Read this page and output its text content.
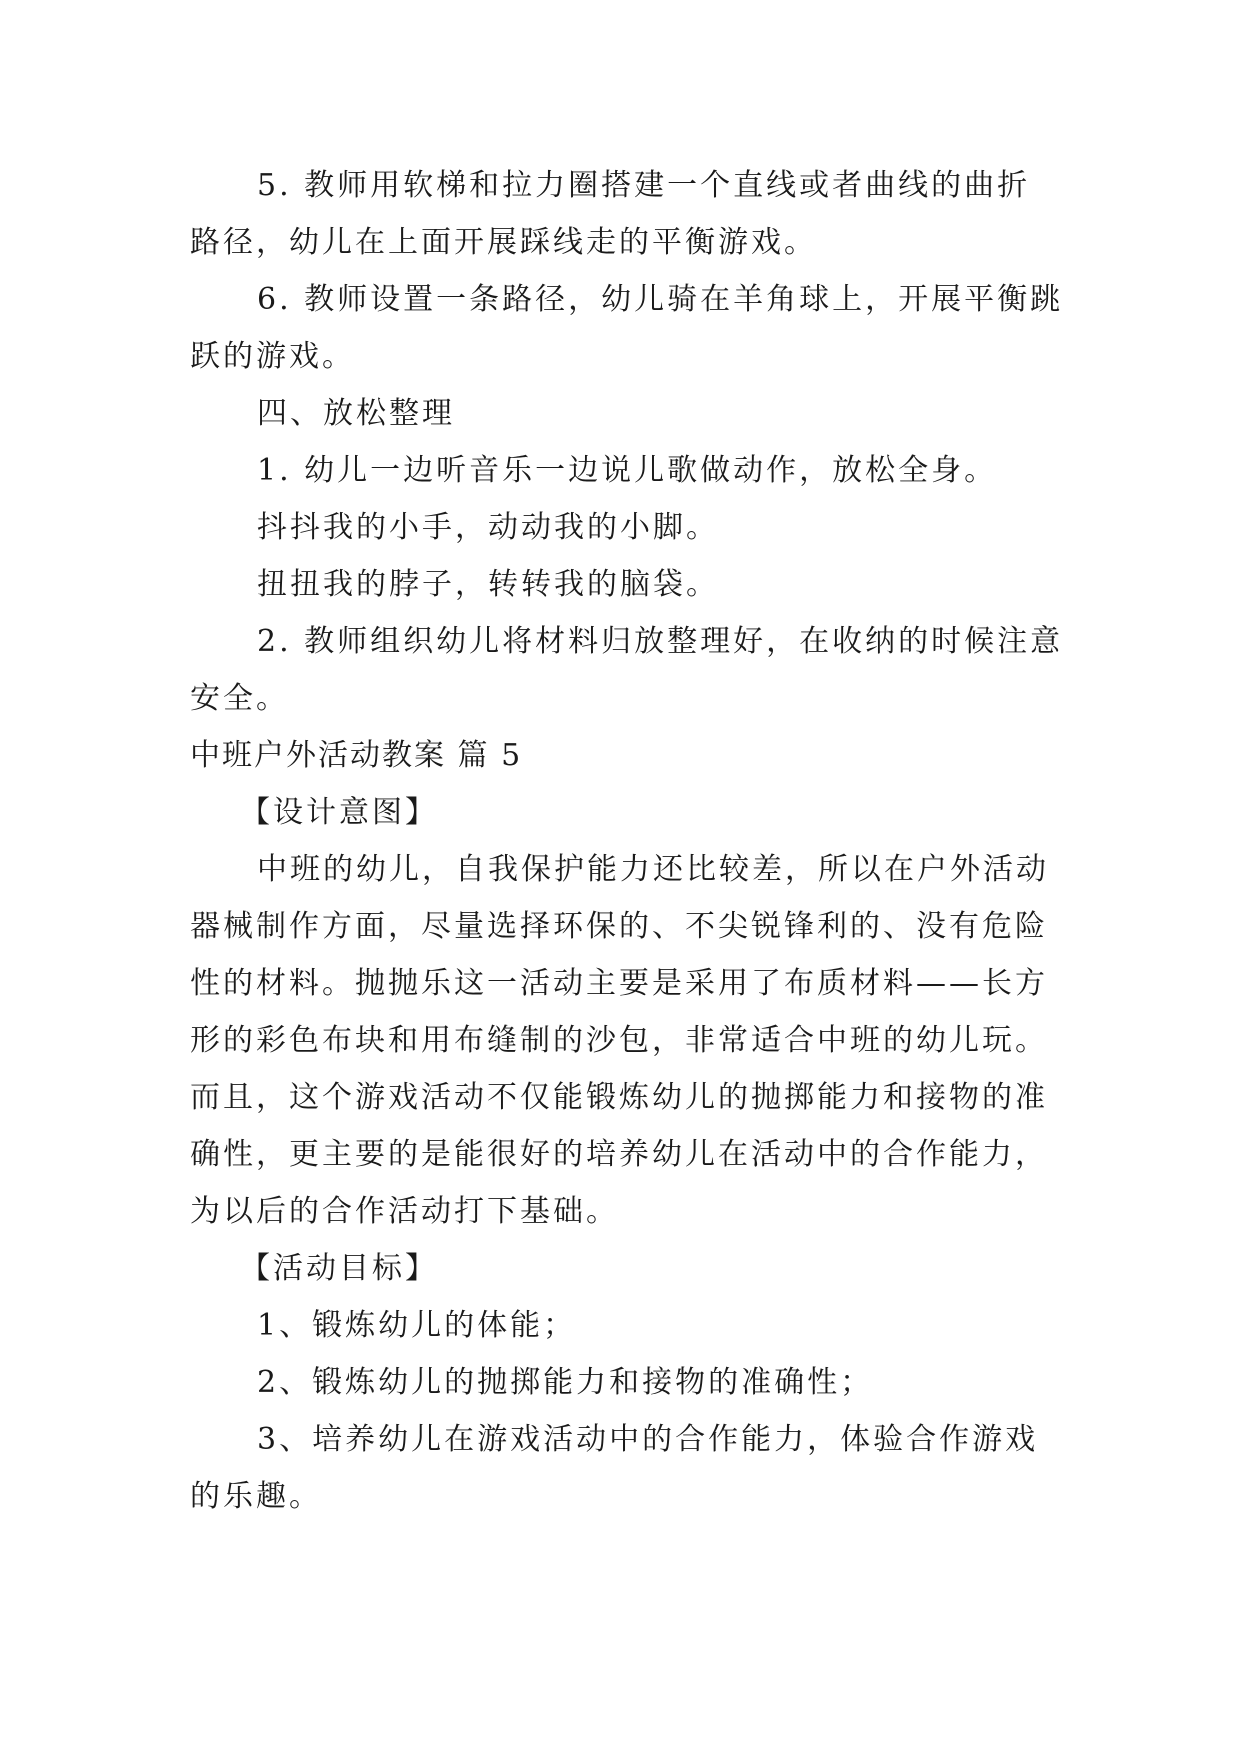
5. 教师用软梯和拉力圈搭建一个直线或者曲线的曲折
路径，幼儿在上面开展踩线走的平衡游戏。
6. 教师设置一条路径，幼儿骑在羊角球上，开展平衡跳
跃的游戏。
四、放松整理
1. 幼儿一边听音乐一边说儿歌做动作，放松全身。
抖抖我的小手，动动我的小脚。
扭扭我的脖子，转转我的脑袋。
2. 教师组织幼儿将材料归放整理好，在收纳的时候注意
安全。
中班户外活动教案 篇 5
【设计意图】
中班的幼儿，自我保护能力还比较差，所以在户外活动
器械制作方面，尽量选择环保的、不尖锐锋利的、没有危险
性的材料。抛抛乐这一活动主要是采用了布质材料——长方
形的彩色布块和用布缝制的沙包，非常适合中班的幼儿玩。
而且，这个游戏活动不仅能锻炼幼儿的抛掷能力和接物的准
确性，更主要的是能很好的培养幼儿在活动中的合作能力，
为以后的合作活动打下基础。
【活动目标】
1、锻炼幼儿的体能；
2、锻炼幼儿的抛掷能力和接物的准确性；
3、培养幼儿在游戏活动中的合作能力，体验合作游戏
的乐趣。
